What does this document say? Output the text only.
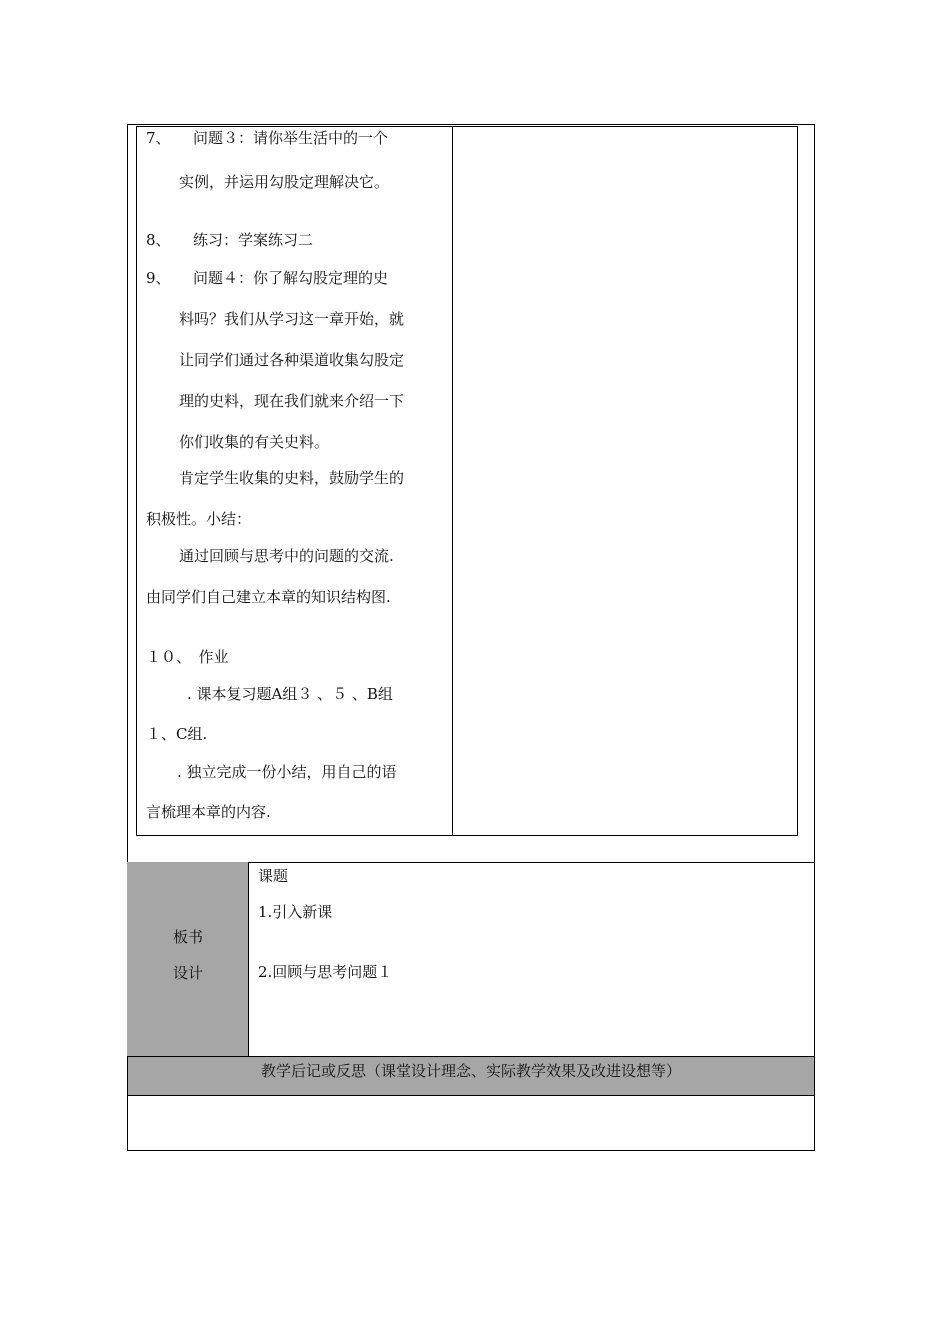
7、　　问题３：请你举生活中的一个
实例，并运用勾股定理解决它。
8、　　练习：学案练习二
9、　　问题４：你了解勾股定理的史
料吗？我们从学习这一章开始，就
让同学们通过各种渠道收集勾股定
理的史料，现在我们就来介绍一下
你们收集的有关史料。
肯定学生收集的史料，鼓励学生的
积极性。小结：
通过回顾与思考中的问题的交流.
由同学们自己建立本章的知识结构图.
１０、　作业
. 课本复习题A组３ 、５ 、B组
１、C组.
. 独立完成一份小结，用自己的语
言梳理本章的内容.
板书
设计
课题
1.引入新课
2.回顾与思考问题１
教学后记或反思（课堂设计理念、实际教学效果及改进设想等）
